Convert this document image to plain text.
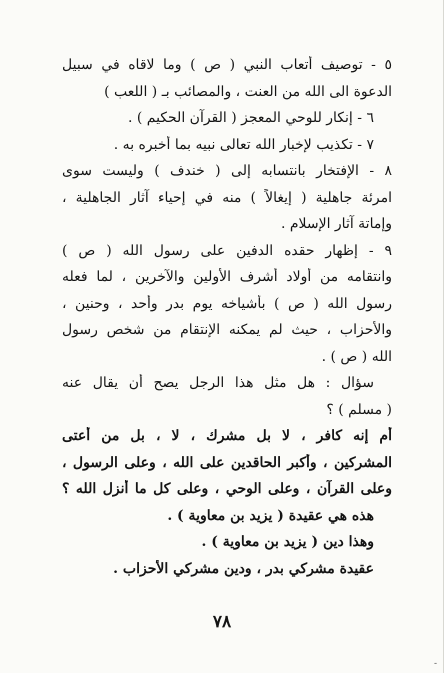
٥ - توصيف أتعاب النبي ( ص ) وما لاقاه في سبيل
الدعوة الى الله من العنت ، والمصائب بـ ( اللعب )
٦ - إنكار للوحي المعجز ( القرآن الحكيم ) .
٧ - تكذيب لإخبار الله تعالى نبيه بما أخبره به .
٨ - الإفتخار بانتسابه إلى ( خندف ) وليست سوى
امرئة جاهلية ( إيغالاً ) منه في إحياء آثار الجاهلية ،
وإماتة آثار الإسلام .
٩ - إظهار حقده الدفين على رسول الله ( ص )
وانتقامه من أولاد أشرف الأولين والآخرين ، لما فعله
رسول الله ( ص ) بأشياخه يوم بدر وأحد ، وحنين ،
والأحزاب ، حيث لم يمكنه الإنتقام من شخص رسول
الله ( ص ) .
سؤال : هل مثل هذا الرجل يصح أن يقال عنه
( مسلم ) ؟
أم إنه كافر ، لا بل مشرك ، لا ، بل من أعتى
المشركين ، وأكبر الحاقدين على الله ، وعلى الرسول ،
وعلى القرآن ، وعلى الوحي ، وعلى كل ما أنزل الله ؟
هذه هي عقيدة ( يزيد بن معاوية ) .
وهذا دين ( يزيد بن معاوية ) .
عقيدة مشركي بدر ، ودين مشركي الأحزاب .
٧٨
-
